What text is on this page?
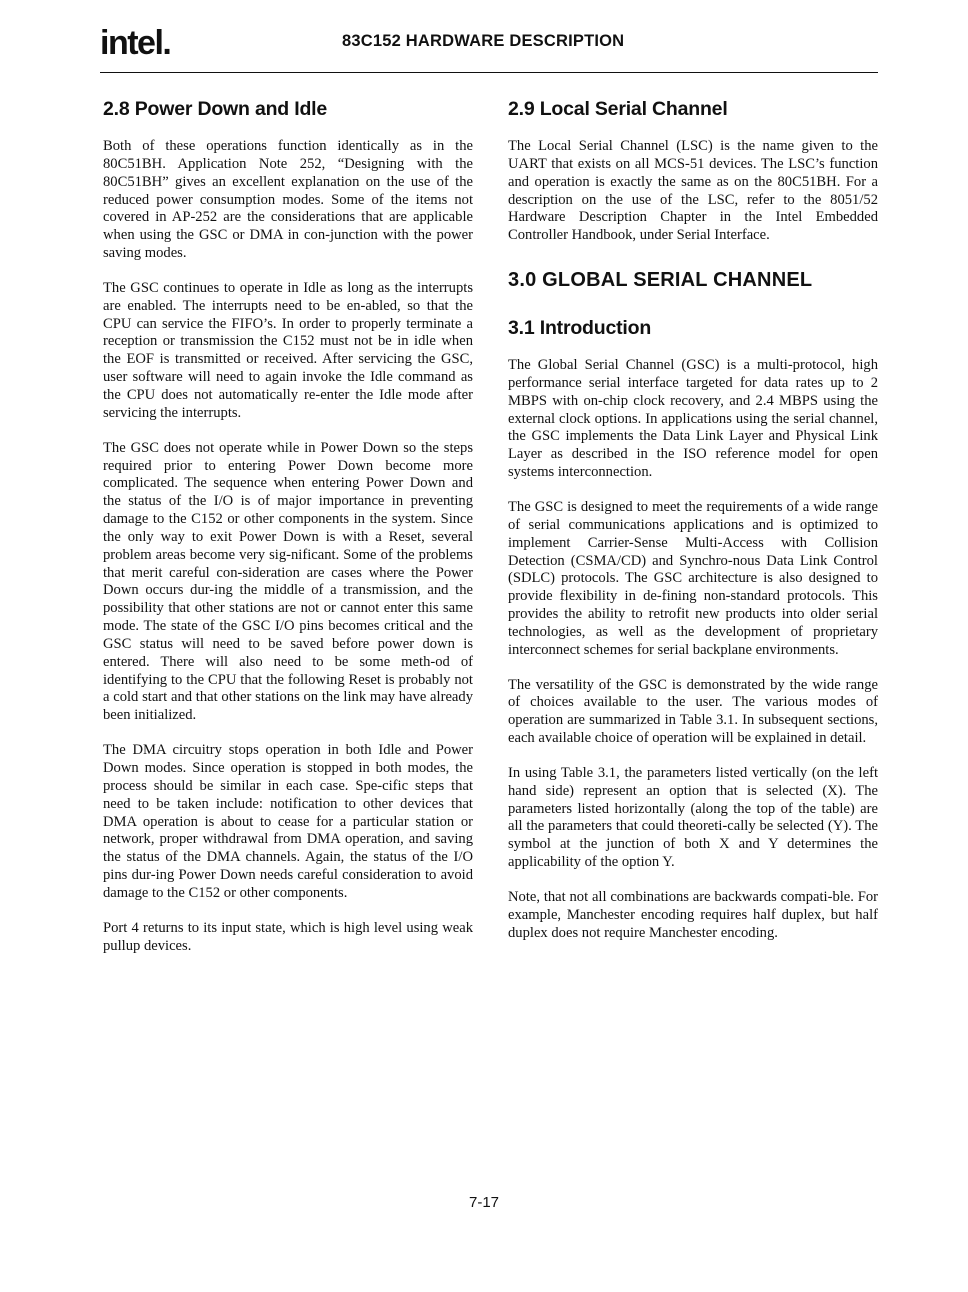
intel.	83C152 HARDWARE DESCRIPTION
2.8 Power Down and Idle

Both of these operations function identically as in the 80C51BH. Application Note 252, “Designing with the 80C51BH” gives an excellent explanation on the use of the reduced power consumption modes. Some of the items not covered in AP-252 are the considerations that are applicable when using the GSC or DMA in con-junction with the power saving modes.

The GSC continues to operate in Idle as long as the interrupts are enabled. The interrupts need to be en-abled, so that the CPU can service the FIFO’s. In order to properly terminate a reception or transmission the C152 must not be in idle when the EOF is transmitted or received. After servicing the GSC, user software will need to again invoke the Idle command as the CPU does not automatically re-enter the Idle mode after servicing the interrupts.

The GSC does not operate while in Power Down so the steps required prior to entering Power Down become more complicated. The sequence when entering Power Down and the status of the I/O is of major importance in preventing damage to the C152 or other components in the system. Since the only way to exit Power Down is with a Reset, several problem areas become very sig-nificant. Some of the problems that merit careful con-sideration are cases where the Power Down occurs dur-ing the middle of a transmission, and the possibility that other stations are not or cannot enter this same mode. The state of the GSC I/O pins becomes critical and the GSC status will need to be saved before power down is entered. There will also need to be some meth-od of identifying to the CPU that the following Reset is probably not a cold start and that other stations on the link may have already been initialized.

The DMA circuitry stops operation in both Idle and Power Down modes. Since operation is stopped in both modes, the process should be similar in each case. Spe-cific steps that need to be taken include: notification to other devices that DMA operation is about to cease for a particular station or network, proper withdrawal from DMA operation, and saving the status of the DMA channels. Again, the status of the I/O pins dur-ing Power Down needs careful consideration to avoid damage to the C152 or other components.

Port 4 returns to its input state, which is high level using weak pullup devices.

2.9 Local Serial Channel

The Local Serial Channel (LSC) is the name given to the UART that exists on all MCS-51 devices. The LSC’s function and operation is exactly the same as on the 80C51BH. For a description on the use of the LSC, refer to the 8051/52 Hardware Description Chapter in the Intel Embedded Controller Handbook, under Serial Interface.

3.0 GLOBAL SERIAL CHANNEL
3.1 Introduction

The Global Serial Channel (GSC) is a multi-protocol, high performance serial interface targeted for data rates up to 2 MBPS with on-chip clock recovery, and 2.4 MBPS using the external clock options. In applications using the serial channel, the GSC implements the Data Link Layer and Physical Link Layer as described in the ISO reference model for open systems interconnection.

The GSC is designed to meet the requirements of a wide range of serial communications applications and is optimized to implement Carrier-Sense Multi-Access with Collision Detection (CSMA/CD) and Synchro-nous Data Link Control (SDLC) protocols. The GSC architecture is also designed to provide flexibility in de-fining non-standard protocols. This provides the ability to retrofit new products into older serial technologies, as well as the development of proprietary interconnect schemes for serial backplane environments.

The versatility of the GSC is demonstrated by the wide range of choices available to the user. The various modes of operation are summarized in Table 3.1. In subsequent sections, each available choice of operation will be explained in detail.

In using Table 3.1, the parameters listed vertically (on the left hand side) represent an option that is selected (X). The parameters listed horizontally (along the top of the table) are all the parameters that could theoreti-cally be selected (Y). The symbol at the junction of both X and Y determines the applicability of the option Y.

Note, that not all combinations are backwards compati-ble. For example, Manchester encoding requires half duplex, but half duplex does not require Manchester encoding.

7-17
